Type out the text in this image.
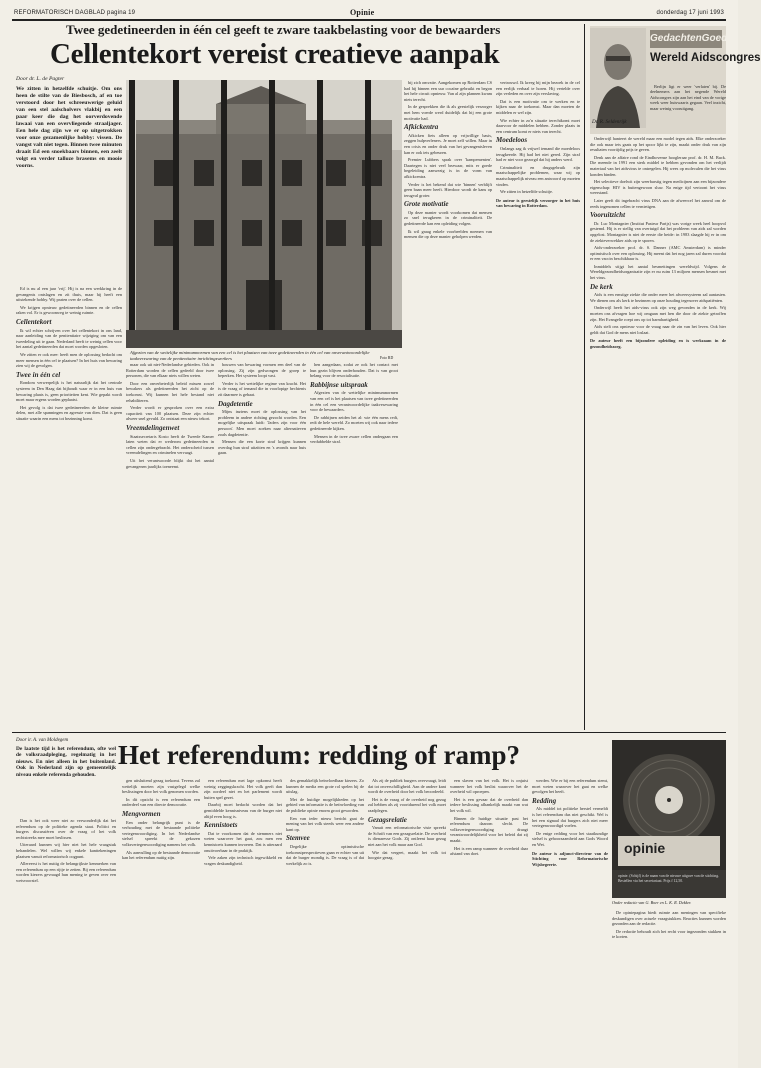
REFORMATORISCH DAGBLAD pagina 19	Opinie	donderdag 17 juni 1993
Twee gedetineerden in één cel geeft te zware taakbelasting voor de bewaarders
Cellentekort vereist creatieve aanpak
Door dr. L. de Pagter
We zitten in hetzelfde schuitje. Om ons heen de stilte van de Biesbosch, af en toe verstoord door het schreeuwerige geluid van een stel aalscholvers vlakbij en een paar keer die dag het oorverdovende lawaai van een overvliegende straaljager. Een hele dag zijn we er op uitgetrokken voor onze gezamenlijke hobby: vissen. De vangst valt niet tegen. Binnen twee minuten draait Ed een snoekbaars binnen, een zeelt volgt en verder talloze brasems en mooie voorns.
Afgezien van de wettelijke minimumnormen van een cel is het plaatsen van twee gedetineerden in één cel van onverantwoordelijke taakverzwaring van de penitentiaire inrichtingswerkers	Foto RD

Ed is nu al een jaar 'vrij'. Hij is na een werkkring in de gevangenis ontslagen en zit thuis, maar hij heeft een uitstekende hobby. Wij praten over de cellen.

We krijgen opnieuw gedetineerden binnen en de cellen raken vol. Er is gewoonweg te weinig ruimte.

Cellentekort

Ik wil echter schrijven over het cellentekort in ons land, naar aanleiding van de penitentiaire wijziging om van een tweedeling uit te gaan. Nederland heeft te weinig cellen voor het aantal gedetineerden dat moet worden opgesloten.

We zitten er ook mee: heeft men de oplossing bedacht om meer mensen in één cel te plaatsen? In het huis van bewaring zien wij de gevolgen.

Twee in één cel

Rondom verwerpelijk is het natuurlijk dat het centrale systeem in Den Haag dat bijhoudt waar er in een huis van bewaring plaats is, geen prioriteiten kent. Wie gepakt wordt moet maar ergens worden geplaatst.

Het gevolg is dat twee gedetineerden de kleine ruimte delen, met alle spanningen en agressie van dien. Dat is geen situatie waarin een mens tot bezinning komt.

maar ook uit niet-Nederlandse gebieden. Ook in Rotterdam worden de cellen gedeeld door twee personen, die van elkaar niets willen weten.

Door een onverbeterlijk beleid missen zowel bewakers als gedetineerden het zicht op de toekomst. Wij kunnen het hele bestand niet rehabiliteren.

Verder wordt er gesproken over een extra capaciteit van 100 plaatsen. Deze zijn echter alweer snel gevuld. Zo ontstaat een nieuw tekort.

Vreemdelingenwet

Staatssecretaris Kosto heeft de Tweede Kamer laten weten dat er wederom gedetineerden in cellen zijn ondergebracht. Het onderscheid tussen vreemdelingen en criminelen vervaagt.

Uit het verantwoorde blijkt dat het aantal gevangenen jaarlijks toeneemt.

bouwen van bewaring vormen een deel van de oplossing. Zij zijn gedwongen de groep te beperken. Het systeem loopt vast.

Verder is het wettelijke regime van kracht. Het is de vraag of iemand die in voorlopige hechtenis zit daarmee is gebaat.

Dagdetentie

Mijns inziens moet de oplossing van het probleem in andere richting gezocht worden. Een mogelijke uitspraak luidt: 'Jaders zijn voor één persoon'. Men moet zoeken naar alternatieven zoals dagdetentie.

Mensen die een korte straf krijgen kunnen overdag hun straf uitzitten en 's avonds naar huis gaan.

hen aangedaan, zodat ze ook het contact met hun gezin blijven onderhouden. Dat is van groot belang voor de resocialisatie.

Rabbijnse uitspraak

Afgezien van de wettelijke minimumnormen van een cel is het plaatsen van twee gedetineerden in één cel een verantwoordelijke taakverzwaring voor de bewaarders.

De rabbijnen zeiden het al: wie één mens redt, redt de hele wereld. Zo moeten wij ook naar iedere gedetineerde kijken.

Mensen in de twee zware cellen ondergaan een verdubbelde straf.

bij zich omvatte. Aangekomen op Rotterdam CS had hij binnen een uur cocaïne gebruikt en begon het hele circuit opnieuw. Van al zijn plannen kwam niets terecht.

In de gesprekken die ik als geestelijk verzorger met hem voerde werd duidelijk dat hij een grote motivatie had.

Afkickentra

Afkicken fiets alleen op vrijwillige basis, zeggen hulpverleners. Je moet zelf willen. Maar in een crisis en onder druk van het gevangenisleven kan er ook iets gebeuren.

Premier Lubbers sprak over 'kampementen'. Daartegen is niet veel bezwaar, mits er goede begeleiding aanwezig is in de vorm van afkickcentra.

Verder is het bekend dat wie 'binnen' verblijft geen baan meer heeft. Hierdoor wordt de kans op terugval groter.

Grote motivatie

Op deze manier wordt voorkomen dat mensen zo snel terugkeren in de criminaliteit. De gedetineerde kan een opleiding volgen.

Ik wil graag enkele voorbeelden noemen van mensen die op deze manier geholpen werden.

vertrouwd. Ik kreeg bij mijn bezoek in de cel een eerlijk verhaal te horen. Hij vertelde over zijn verleden en over zijn verslaving.

Dat is een motivatie om te werken en te kijken naar de toekomst. Maar dan moeten de middelen er wel zijn.

Wie echter in zo'n situatie terechtkomt moet daarvoor de middelen hebben. Zonder plaats in een centrum komt er niets van terecht.

Moedeloos

Onlangs zag ik vrijwel iemand die moedeloos terugkeerde. Hij had het niet gered. Zijn straf had er niet voor gezorgd dat hij anders werd.

Criminaliteit en drugsgebruik zijn maatschappelijke problemen, waar wij op maatschappelijk niveau een antwoord op moeten vinden.

We zitten in hetzelfde schuitje.

De auteur is geestelijk verzorger in het huis van bewaring in Rotterdam.
GedachtenGoed
Wereld Aidscongres
Dr. R. Seldenrijk

Berlijn ligt er weer 'verlaten' bij. De deelnemers aan het negende Wereld Aidscongres zijn aan het eind van de vorige week weer huiswaarts gegaan. Veel inzicht, maar weinig vooruitgang.

Onderwijl hanteert de wereld maar een model tegen aids. Elke onderzoeker die ook maar iets gaats op het spoor lijkt te zijn, maakt onder druk van zijn resultaten voortijdig prijs te geven.

Denk aan de affaire rond de Eindhovense hoogleraar prof. dr. H. M. Buck. Die meende in 1991 een sterk middel te hebben gevonden om het verlijdt materiaal van het aidsvirus te ontregelen. Hij wees op moleculen die het virus konden binden.

Het selectieve doelwit zijn weerbarstig tegen medicijnen aan een bijzondere eigenschap: HIV is buitengewoon sluw. Na enige tijd vertoont het virus weerstand.

Later geeft dit ingebracht virus DNA aan de afweercel het aanval om de reeds ingenomen cellen te vernietigen.

Vooruitzicht

Dr. Luc Montagnier (Institut Pasteur Parijs) was vorige week heel hoopvol gestemd. Hij is er stellig van overtuigd dat het probleem van aids zal worden opgelost. Montagnier is niet de eerste die beide: in 1983 slaagde hij er in om de ziekteverwekker aids op te sporen.

Aids-onderzoeker prof. dr. S. Danner (AMC Amsterdam) is minder optimistisch over een oplossing. Hij meent dat het nog jaren zal duren voordat er een vaccin beschikbaar is.

Inmiddels stijgt het aantal besmettingen wereldwijd. Volgens de Wereldgezondheidsorganisatie zijn er nu ruim 13 miljoen mensen besmet met het virus.

De kerk

Aids is een ernstige ziekte die onder meer het afweersysteem zal aantasten. We dienen ons als kerk te bezinnen op onze houding tegenover aidspatiënten.

Onderwijl heeft het aids-virus ook zijn weg gevonden in de kerk. Wij moeten ons afvragen hoe wij omgaan met hen die door de ziekte getroffen zijn. Het Evangelie roept ons op tot barmhartigheid.

Aids stelt ons opnieuw voor de vraag naar de zin van het leven. Ook hier geldt dat God de mens niet loslaat.

De auteur heeft een bijzondere opleiding en is werkzaam in de gezondheidszorg.
Door ir. A. van Moldegem
De laatste tijd is het referendum, ofte wel de volksraadpleging, regelmatig in het nieuws. En niet alleen in het buitenland. Ook in Nederland zijn op gemeentelijk niveau enkele referenda gehouden.

Dan is het ook weer niet zo verwonderlijk dat het referendum op de politieke agenda staat. Politici en burgers discussiëren over de vraag of het volk rechtstreeks mee moet beslissen.

Uiteraard kunnen wij hier niet het hele vraagstuk behandelen. Wel willen wij enkele kanttekeningen plaatsen vanuit reformatorisch oogpunt.

Allereerst is het nuttig de belangrijkste kenmerken van een referendum op een rijtje te zetten. Bij een referendum worden kiezers gevraagd hun mening te geven over een wetsvoorstel.

Het referendum: redding of ramp?

gen uitsluitend gezag toekomt. Tevens zal wettelijk moeten zijn vastgelegd welke beslissingen door het volk genomen worden.

In dit opzicht is een referendum een onderdeel van een directe democratie.

Mengvormen

Een onder belangrijk punt is de verhouding met de bestaande politieke vertegenwoordiging. In het Nederlandse stelsel spreekt de gekozen volksvertegenwoordiging namens het volk.

Als aanvulling op de bestaande democratie kan het referendum nuttig zijn.

een referendum met lage opkomst heeft weinig zeggingskracht. Het volk geeft dan zijn oordeel niet en het parlement wordt buiten spel gezet.

Daarbij moet bedacht worden dat het gemiddelde kennisniveau van de burger niet altijd even hoog is.

Kennistoets

Dat te voorkomen dat de stemmers niet weten waarover het gaat, zou men een kennistoets kunnen invoeren. Dat is uiteraard onuitvoerbaar in de praktijk.

Vele zaken zijn technisch ingewikkeld en vragen deskundigheid.

des gemakkelijk beïnvloedbaar kiezers. Zo kunnen de media een grote rol spelen bij de uitslag.

Met de huidige mogelijkheden op het gebied van informatie is de beïnvloeding van de publieke opinie enorm groot geworden.

Een van ieder nieuw bericht gaat de mening van het volk steeds weer een andere kant op.

Stemvee

Degelijke optimistische toekomstperspectieven gaan er echter van uit dat de burger mondig is. De vraag is of dat werkelijk zo is.

Als zij de publiek burgers overvraagt, leidt dat tot onverschilligheid. Aan de andere kant wordt de overheid door het volk beoordeeld.

Het is de vraag of de overheid nog gezag zal hebben als zij voortdurend het volk moet raadplegen.

Gezagsrelatie

Vanuit een reformatorische visie spreekt de Schrift van een gezagsrelatie. De overheid is dienaresse Gods. Zij ontleent haar gezag niet aan het volk maar aan God.

Wie dat vergeet, maakt het volk tot hoogste gezag.

een slaven van het volk. Het is onjuist wanneer het volk beslist waarover het de overheid wil oproepen.

Het is een gevaar dat de overheid dan iedere beslissing afhankelijk maakt van wat het volk wil.

Binnen de huidige situatie past het referendum daarom slecht. De volksvertegenwoordiging draagt verantwoordelijkheid voor het beleid dat zij maakt.

Het is een ramp wanneer de overheid daar afstand van doet.

werden. Wie er bij een referendum stemt, moet weten waarover het gaat en welke gevolgen het heeft.

Redding

Als middel tot politieke herstel vermeldt is het referendum dus niet geschikt. Wel is het een signaal dat burgers zich niet meer vertegenwoordigd voelen.

De enige redding voor het staatkundige stelsel is gehoorzaamheid aan Gods Woord en Wet.

De auteur is adjunct-directeur van de Stichting voor Reformatorische Wijsbegeerte.
opinie

opinie. (Schijf) is de naam van de nieuwe uitgave van de stichting. Bestellen via het secretariaat. Prijs f 12,50.

Onder redactie van G. Boer en L. K. R. Dekker.

De opiniepagina biedt ruimte aan meningen van specifieke deskundigen over actuele vraagstukken. Reacties kunnen worden gezonden aan de redactie.

De redactie behoudt zich het recht voor ingezonden stukken in te korten.
